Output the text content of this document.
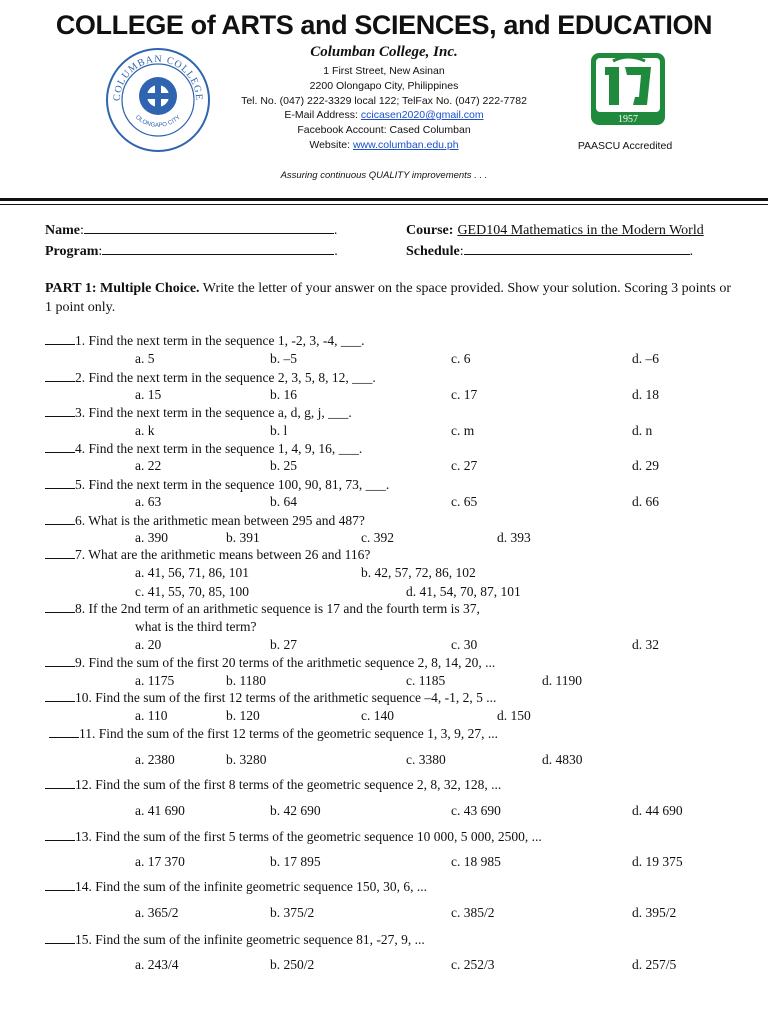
COLLEGE of ARTS and SCIENCES, and EDUCATION
Columban College, Inc.
1 First Street, New Asinan
2200 Olongapo City, Philippines
Tel. No. (047) 222-3329 local 122; TelFax No. (047) 222-7782
E-Mail Address: ccicasen2020@gmail.com
Facebook Account: Cased Columban
Website: www.columban.edu.ph
Assuring continuous QUALITY improvements . . .
COLUMBAN COLLEGE
OLONGAPO CITY	1957
PAASCU Accredited
Name:	.
Program:	.
Course: GED104 Mathematics in the Modern World
Schedule:	.
PART 1: Multiple Choice. Write the letter of your answer on the space provided. Show your solution. Scoring 3 points or 1 point only.
1. Find the next term in the sequence 1, -2, 3, -4, ___.
a. 5	b. –5	c. 6	d. –6
2. Find the next term in the sequence 2, 3, 5, 8, 12, ___.
a. 15	b. 16	c. 17	d. 18
3. Find the next term in the sequence a, d, g, j, ___.
a. k	b. l	c. m	d. n
4. Find the next term in the sequence 1, 4, 9, 16, ___.
a. 22	b. 25	c. 27	d. 29
5. Find the next term in the sequence 100, 90, 81, 73, ___.
a. 63	b. 64	c. 65	d. 66
6. What is the arithmetic mean between 295 and 487?
a. 390	b. 391	c. 392	d. 393
7. What are the arithmetic means between 26 and 116?
a. 41, 56, 71, 86, 101	b. 42, 57, 72, 86, 102
c. 41, 55, 70, 85, 100	d. 41, 54, 70, 87, 101
8. If the 2nd term of an arithmetic sequence is 17 and the fourth term is 37,
what is the third term?
a. 20	b. 27	c. 30	d. 32
9. Find the sum of the first 20 terms of the arithmetic sequence 2, 8, 14, 20, ...
a. 1175	b. 1180	c. 1185	d. 1190
10. Find the sum of the first 12 terms of the arithmetic sequence –4, -1, 2, 5 ...
a. 110	b. 120	c. 140	d. 150
11. Find the sum of the first 12 terms of the geometric sequence 1, 3, 9, 27, ...
a. 2380	b. 3280	c. 3380	d. 4830
12. Find the sum of the first 8 terms of the geometric sequence 2, 8, 32, 128, ...
a. 41 690	b. 42 690	c. 43 690	d. 44 690
13. Find the sum of the first 5 terms of the geometric sequence 10 000, 5 000, 2500, ...
a. 17 370	b. 17 895	c. 18 985	d. 19 375
14. Find the sum of the infinite geometric sequence 150, 30, 6, ...
a. 365/2	b. 375/2	c. 385/2	d. 395/2
15. Find the sum of the infinite geometric sequence 81, -27, 9, ...
a. 243/4	b. 250/2	c. 252/3	d. 257/5
